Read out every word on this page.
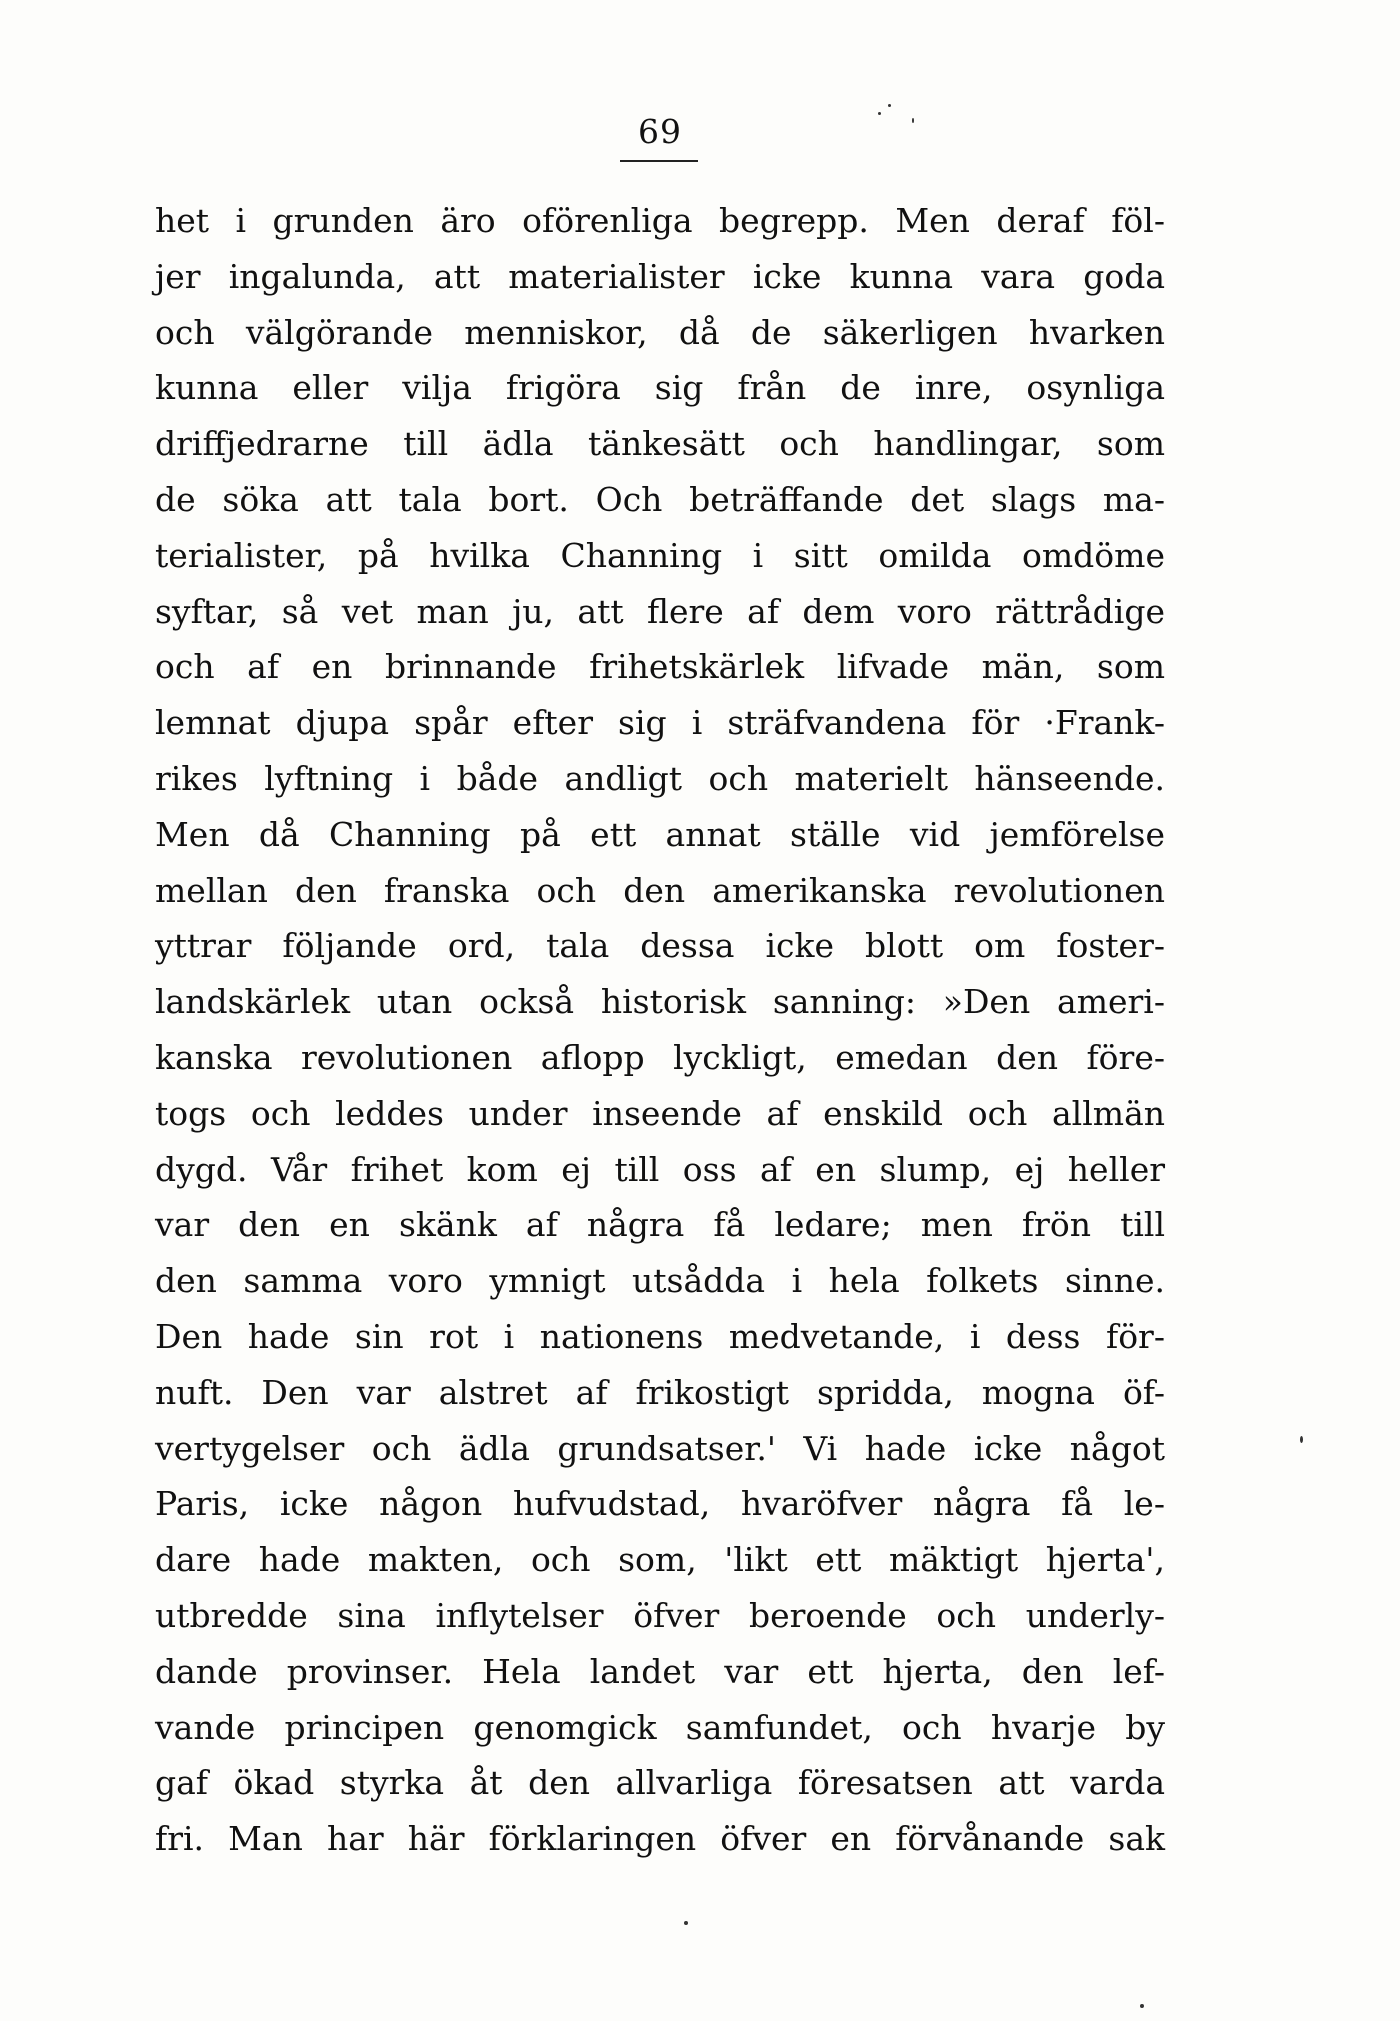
69
het i grunden äro oförenliga begrepp. Men deraf föl-
jer ingalunda, att materialister icke kunna vara goda
och välgörande menniskor, då de säkerligen hvarken
kunna eller vilja frigöra sig från de inre, osynliga
driffjedrarne till ädla tänkesätt och handlingar, som
de söka att tala bort. Och beträffande det slags ma-
terialister, på hvilka Channing i sitt omilda omdöme
syftar, så vet man ju, att flere af dem voro rättrådige
och af en brinnande frihetskärlek lifvade män, som
lemnat djupa spår efter sig i sträfvandena för ·Frank-
rikes lyftning i både andligt och materielt hänseende.
Men då Channing på ett annat ställe vid jemförelse
mellan den franska och den amerikanska revolutionen
yttrar följande ord, tala dessa icke blott om foster-
landskärlek utan också historisk sanning: »Den ameri-
kanska revolutionen aflopp lyckligt, emedan den före-
togs och leddes under inseende af enskild och allmän
dygd. Vår frihet kom ej till oss af en slump, ej heller
var den en skänk af några få ledare; men frön till
den samma voro ymnigt utsådda i hela folkets sinne.
Den hade sin rot i nationens medvetande, i dess för-
nuft. Den var alstret af frikostigt spridda, mogna öf-
vertygelser och ädla grundsatser.' Vi hade icke något
Paris, icke någon hufvudstad, hvaröfver några få le-
dare hade makten, och som, 'likt ett mäktigt hjerta',
utbredde sina inflytelser öfver beroende och underly-
dande provinser. Hela landet var ett hjerta, den lef-
vande principen genomgick samfundet, och hvarje by
gaf ökad styrka åt den allvarliga föresatsen att varda
fri. Man har här förklaringen öfver en förvånande sak
